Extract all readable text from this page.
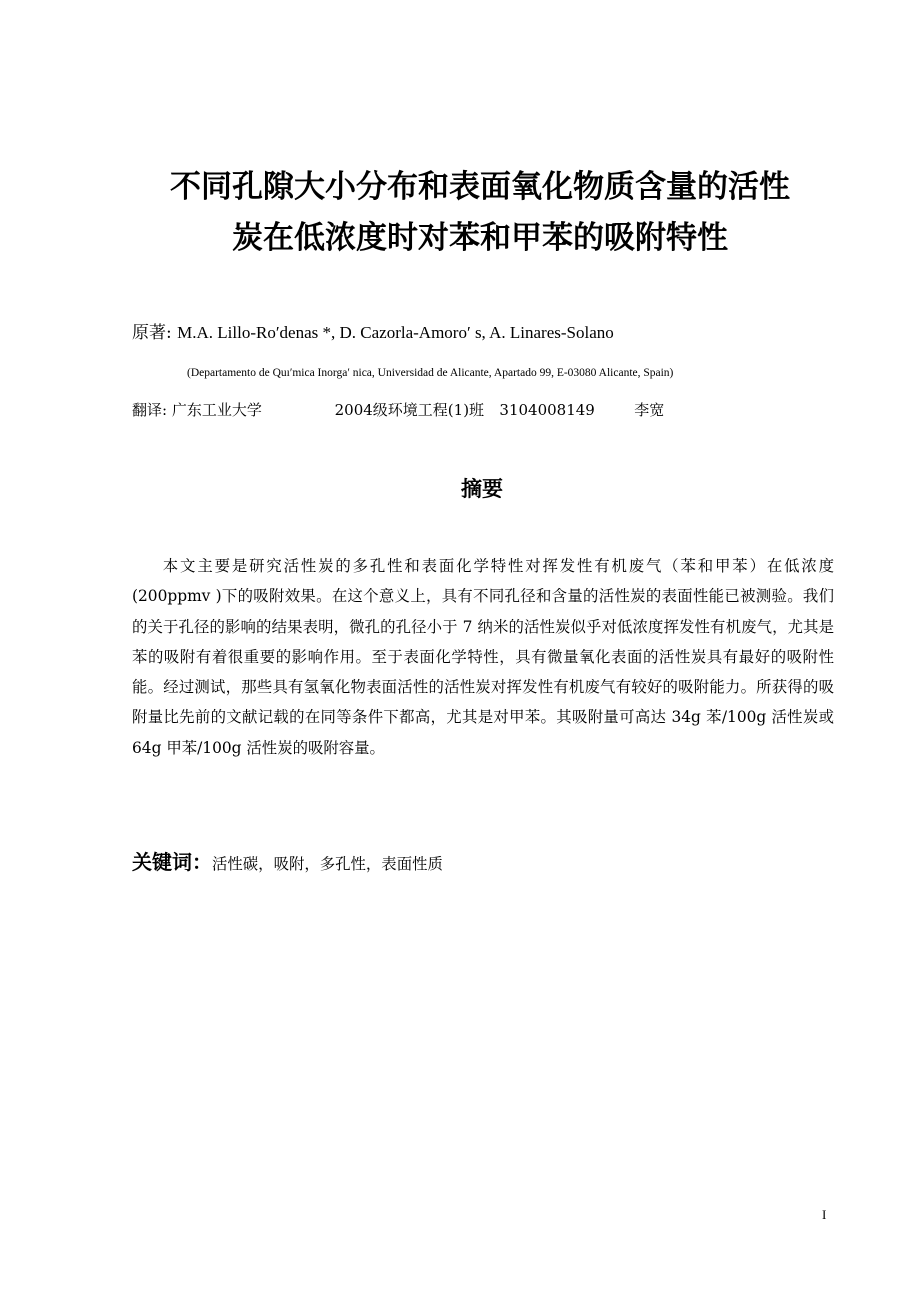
不同孔隙大小分布和表面氧化物质含量的活性
炭在低浓度时对苯和甲苯的吸附特性
原著: M.A. Lillo-Ro′denas *, D. Cazorla-Amoro′ s, A. Linares-Solano
(Departamento de Quı′mica Inorga′ nica, Universidad de Alicante, Apartado 99, E-03080 Alicante, Spain)
翻译: 广东工业大学	2004级环境工程(1)班 3104008149	李宽
摘要

本文主要是研究活性炭的多孔性和表面化学特性对挥发性有机废气（苯和甲苯）在低浓度(200ppmv )下的吸附效果。在这个意义上，具有不同孔径和含量的活性炭的表面性能已被测验。我们的关于孔径的影响的结果表明，微孔的孔径小于 7 纳米的活性炭似乎对低浓度挥发性有机废气，尤其是苯的吸附有着很重要的影响作用。至于表面化学特性，具有微量氧化表面的活性炭具有最好的吸附性能。经过测试，那些具有氢氧化物表面活性的活性炭对挥发性有机废气有较好的吸附能力。所获得的吸附量比先前的文献记载的在同等条件下都高，尤其是对甲苯。其吸附量可高达 34g 苯/100g 活性炭或 64g 甲苯/100g 活性炭的吸附容量。

关键词：活性碳，吸附，多孔性，表面性质
I
